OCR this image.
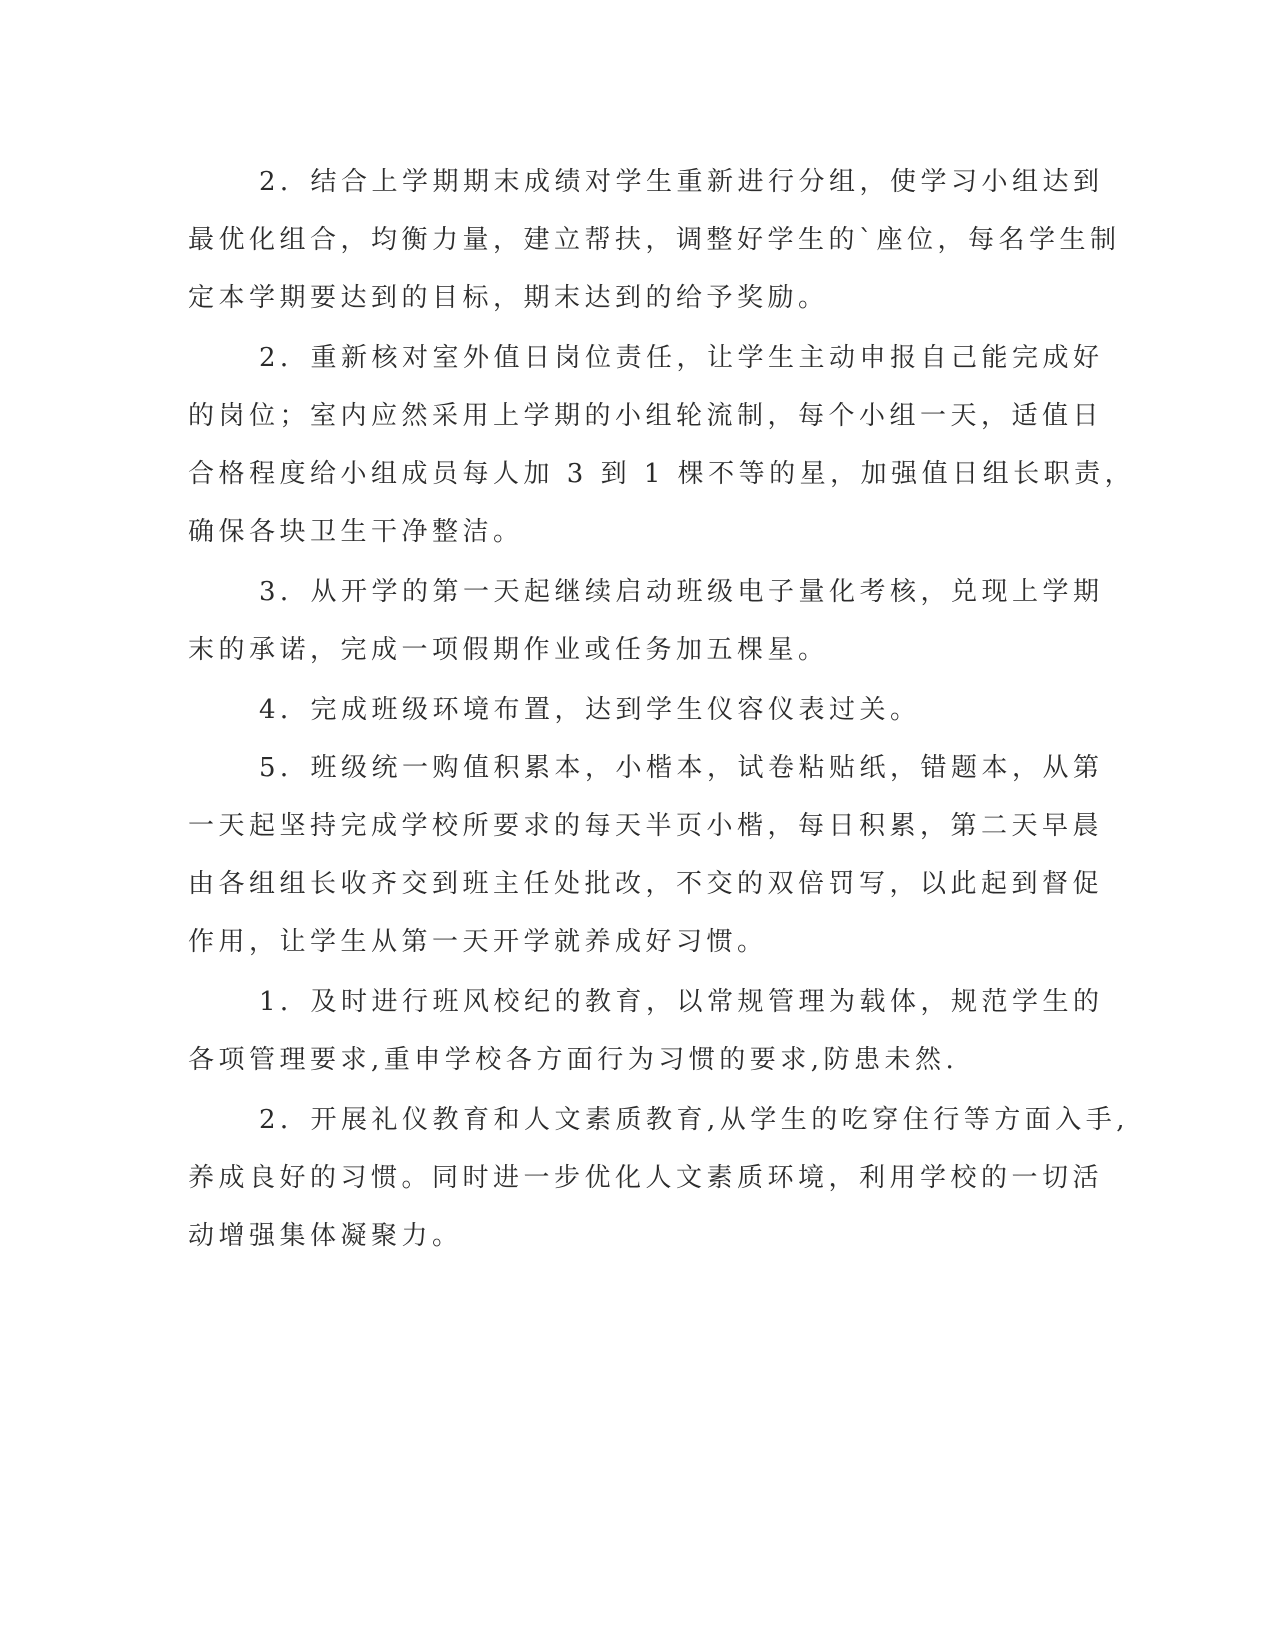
2．结合上学期期末成绩对学生重新进行分组，使学习小组达到

最优化组合，均衡力量，建立帮扶，调整好学生的`座位，每名学生制

定本学期要达到的目标，期末达到的给予奖励。

2．重新核对室外值日岗位责任，让学生主动申报自己能完成好

的岗位；室内应然采用上学期的小组轮流制，每个小组一天，适值日

合格程度给小组成员每人加 3 到 1 棵不等的星，加强值日组长职责，

确保各块卫生干净整洁。

3．从开学的第一天起继续启动班级电子量化考核，兑现上学期

末的承诺，完成一项假期作业或任务加五棵星。

4．完成班级环境布置，达到学生仪容仪表过关。

5．班级统一购值积累本，小楷本，试卷粘贴纸，错题本，从第

一天起坚持完成学校所要求的每天半页小楷，每日积累，第二天早晨

由各组组长收齐交到班主任处批改，不交的双倍罚写，以此起到督促

作用，让学生从第一天开学就养成好习惯。

1．及时进行班风校纪的教育，以常规管理为载体，规范学生的

各项管理要求,重申学校各方面行为习惯的要求,防患未然.

2．开展礼仪教育和人文素质教育,从学生的吃穿住行等方面入手,

养成良好的习惯。同时进一步优化人文素质环境，利用学校的一切活

动增强集体凝聚力。
